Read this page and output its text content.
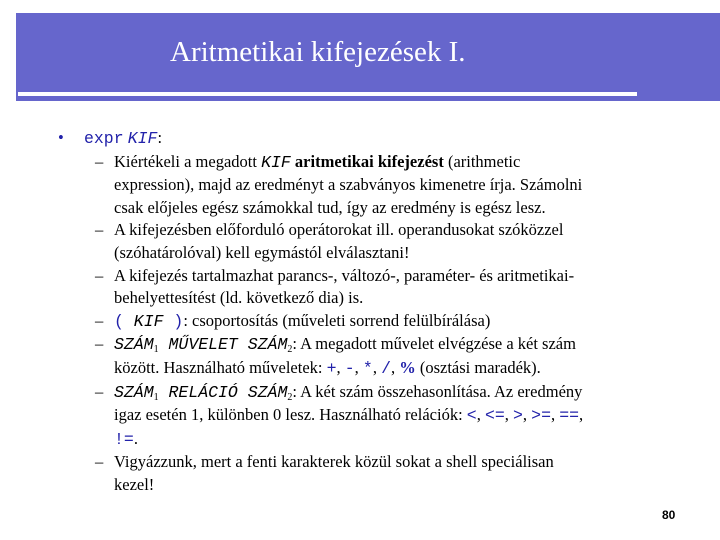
Aritmetikai kifejezések I.
• expr KIF:
– Kiértékeli a megadott KIF aritmetikai kifejezést (arithmetic
expression), majd az eredményt a szabványos kimenetre írja. Számolni
csak előjeles egész számokkal tud, így az eredmény is egész lesz.
– A kifejezésben előforduló operátorokat ill. operandusokat szóközzel
(szóhatárolóval) kell egymástól elválasztani!
– A kifejezés tartalmazhat parancs-, változó-, paraméter- és aritmetikai-
behelyettesítést (ld. következő dia) is.
– ( KIF ): csoportosítás (műveleti sorrend felülbírálása)
– $SZÁM_1$ MŰVELET $SZÁM_2$: A megadott művelet elvégzése a két szám
között. Használható műveletek: +, -, *, /, % (osztási maradék).
– $SZÁM_1$ RELÁCIÓ $SZÁM_2$: A két szám összehasonlítása. Az eredmény
igaz esetén 1, különben 0 lesz. Használható relációk: <, <=, >, >=, ==,
!=.
– Vigyázzunk, mert a fenti karakterek közül sokat a shell speciálisan
kezel!
80
